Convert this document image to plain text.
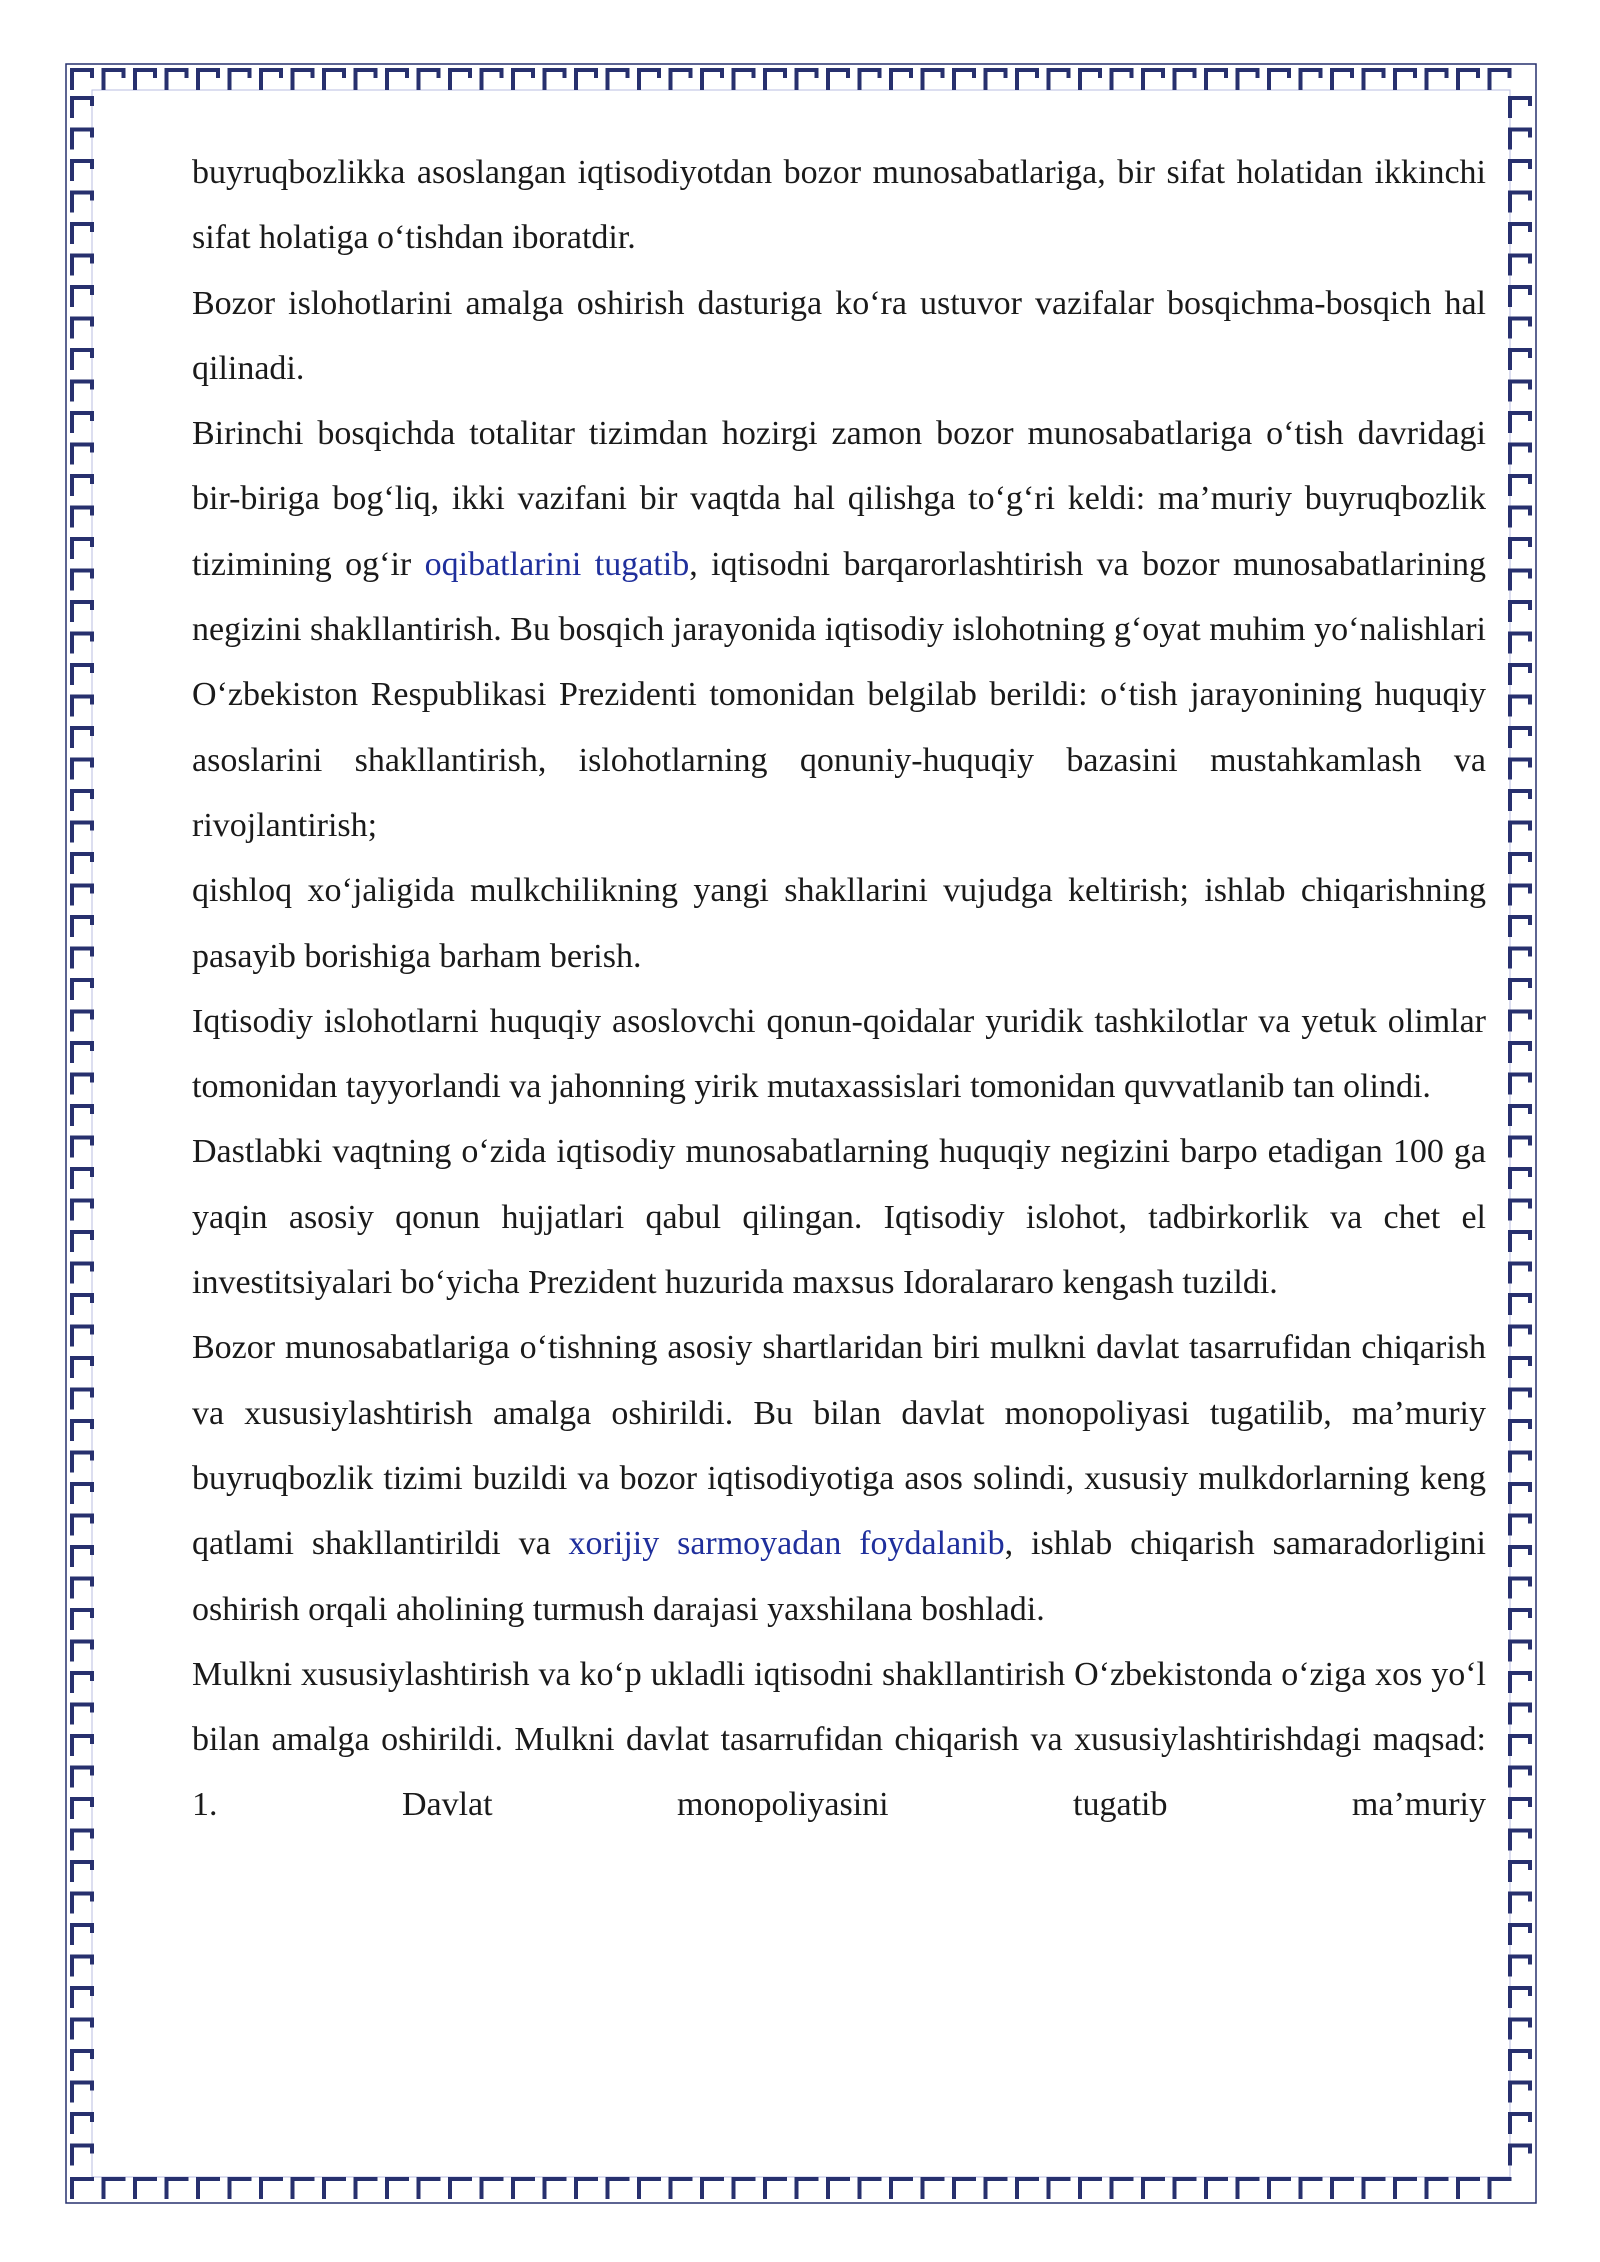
buyruqbozlikka asoslangan iqtisodiyotdan bozor munosabatlariga, bir sifat holatidan ikkinchi sifat holatiga o‘tishdan iboratdir.

Bozor islohotlarini amalga oshirish dasturiga ko‘ra ustuvor vazifalar bosqichma-bosqich hal qilinadi.

Birinchi bosqichda totalitar tizimdan hozirgi zamon bozor munosabatlariga o‘tish davridagi bir-biriga bog‘liq, ikki vazifani bir vaqtda hal qilishga to‘g‘ri keldi: ma’muriy buyruqbozlik tizimining og‘ir oqibatlarini tugatib, iqtisodni barqarorlashtirish va bozor munosabatlarining negizini shakllantirish. Bu bosqich jarayonida iqtisodiy islohotning g‘oyat muhim yo‘nalishlari O‘zbekiston Respublikasi Prezidenti tomonidan belgilab berildi: o‘tish jarayonining huquqiy asoslarini shakllantirish, islohotlarning qonuniy-huquqiy bazasini mustahkamlash va rivojlantirish;

qishloq xo‘jaligida mulkchilikning yangi shakllarini vujudga keltirish; ishlab chiqarishning pasayib borishiga barham berish.

Iqtisodiy islohotlarni huquqiy asoslovchi qonun-qoidalar yuridik tashkilotlar va yetuk olimlar tomonidan tayyorlandi va jahonning yirik mutaxassislari tomonidan quvvatlanib tan olindi.

Dastlabki vaqtning o‘zida iqtisodiy munosabatlarning huquqiy negizini barpo etadigan 100 ga yaqin asosiy qonun hujjatlari qabul qilingan. Iqtisodiy islohot, tadbirkorlik va chet el investitsiyalari bo‘yicha Prezident huzurida maxsus Idoralararo kengash tuzildi.

Bozor munosabatlariga o‘tishning asosiy shartlaridan biri mulkni davlat tasarrufidan chiqarish va xususiylashtirish amalga oshirildi. Bu bilan davlat monopoliyasi tugatilib, ma’muriy buyruqbozlik tizimi buzildi va bozor iqtisodiyotiga asos solindi, xususiy mulkdorlarning keng qatlami shakllantirildi va xorijiy sarmoyadan foydalanib, ishlab chiqarish samaradorligini oshirish orqali aholining turmush darajasi yaxshilana boshladi.

Mulkni xususiylashtirish va ko‘p ukladli iqtisodni shakllantirish O‘zbekistonda o‘ziga xos yo‘l bilan amalga oshirildi. Mulkni davlat tasarrufidan chiqarish va xususiylashtirishdagi maqsad: 1. Davlat monopoliyasini tugatib ma’muriy
